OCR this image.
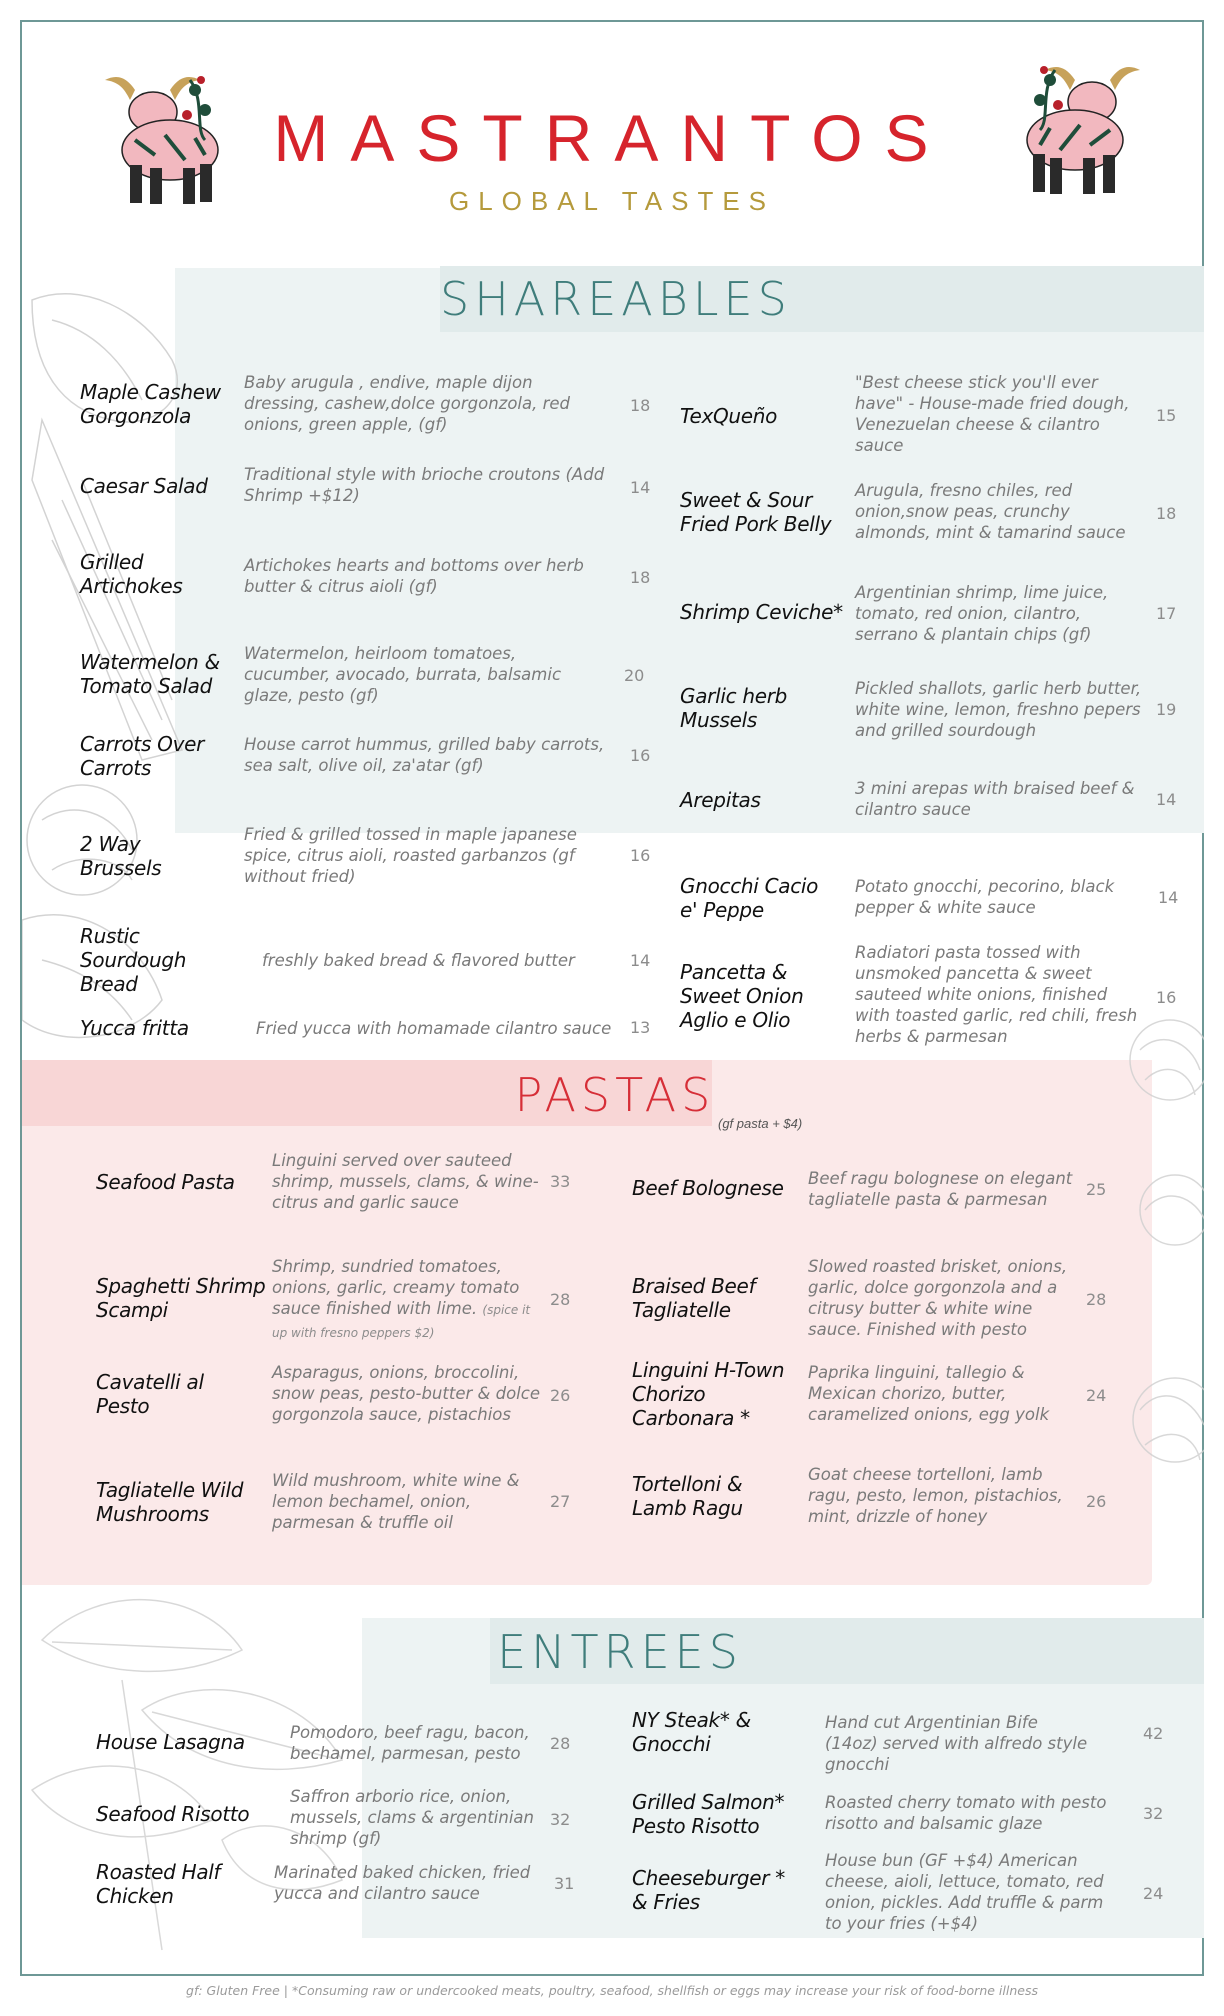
MASTRANTOS
GLOBAL TASTES
SHAREABLES
PASTAS
(gf pasta + $4)
ENTREES
Maple Cashew Gorgonzola
Baby arugula , endive, maple dijon dressing, cashew,dolce gorgonzola, red onions, green apple, (gf)
18
Caesar Salad	Traditional style with brioche croutons (Add Shrimp +$12)	14
Grilled Artichokes
Artichokes hearts and bottoms over herb butter & citrus aioli (gf)	18
Watermelon & Tomato Salad
Watermelon, heirloom tomatoes, cucumber, avocado, burrata, balsamic glaze, pesto (gf)
20
Carrots Over Carrots
House carrot hummus, grilled baby carrots, sea salt, olive oil, za'atar (gf)
16
2 Way Brussels
Fried & grilled tossed in maple japanese spice, citrus aioli, roasted garbanzos (gf without fried)
16
Rustic Sourdough Bread
freshly baked bread & flavored butter	14
Yucca fritta	Fried yucca with homamade cilantro sauce	13
TexQueño
"Best cheese stick you'll ever have" - House-made fried dough, Venezuelan cheese & cilantro sauce
15
Sweet & Sour Fried Pork Belly
Arugula, fresno chiles, red onion,snow peas, crunchy almonds, mint & tamarind sauce
18
Shrimp Ceviche*
Argentinian shrimp, lime juice, tomato, red onion, cilantro, serrano & plantain chips (gf)
17
Garlic herb Mussels
Pickled shallots, garlic herb butter, white wine, lemon, freshno pepers and grilled sourdough
19
Arepitas	3 mini arepas with braised beef & cilantro sauce
14
Gnocchi Cacio e' Peppe
Potato gnocchi, pecorino, black pepper & white sauce
14
Pancetta & Sweet Onion Aglio e Olio
Radiatori pasta tossed with unsmoked pancetta & sweet sauteed white onions, finished with toasted garlic, red chili, fresh herbs & parmesan
16
Seafood Pasta
Linguini served over sauteed shrimp, mussels, clams, & wine-citrus and garlic sauce
33
Spaghetti Shrimp Scampi
Shrimp, sundried tomatoes, onions, garlic, creamy tomato sauce finished with lime. (spice it up with fresno peppers $2)
28
Cavatelli al Pesto
Asparagus, onions, broccolini, snow peas, pesto-butter & dolce gorgonzola sauce, pistachios
26
Tagliatelle Wild Mushrooms
Wild mushroom, white wine & lemon bechamel, onion, parmesan & truffle oil
27
Beef Bolognese	Beef ragu bolognese on elegant tagliatelle pasta & parmesan
25
Braised Beef Tagliatelle
Slowed roasted brisket, onions, garlic, dolce gorgonzola and a citrusy butter & white wine sauce. Finished with pesto
28
Linguini H-Town Chorizo Carbonara *
Paprika linguini, tallegio & Mexican chorizo, butter, caramelized onions, egg yolk
24
Tortelloni & Lamb Ragu
Goat cheese tortelloni, lamb ragu, pesto, lemon, pistachios, mint, drizzle of honey
26
House Lasagna	Pomodoro, beef ragu, bacon, bechamel, parmesan, pesto
28
Seafood Risotto
Saffron arborio rice, onion, mussels, clams & argentinian shrimp (gf)
32
Roasted Half Chicken
Marinated baked chicken, fried yucca and cilantro sauce
31
NY Steak* & Gnocchi
Hand cut Argentinian Bife (14oz) served with alfredo style gnocchi
42
Grilled Salmon* Pesto Risotto
Roasted cherry tomato with pesto risotto and balsamic glaze
32
Cheeseburger * & Fries
House bun (GF +$4) American cheese, aioli, lettuce, tomato, red onion, pickles. Add truffle & parm to your fries (+$4)
24
gf: Gluten Free | *Consuming raw or undercooked meats, poultry, seafood, shellfish or eggs may increase your risk of food-borne illness
